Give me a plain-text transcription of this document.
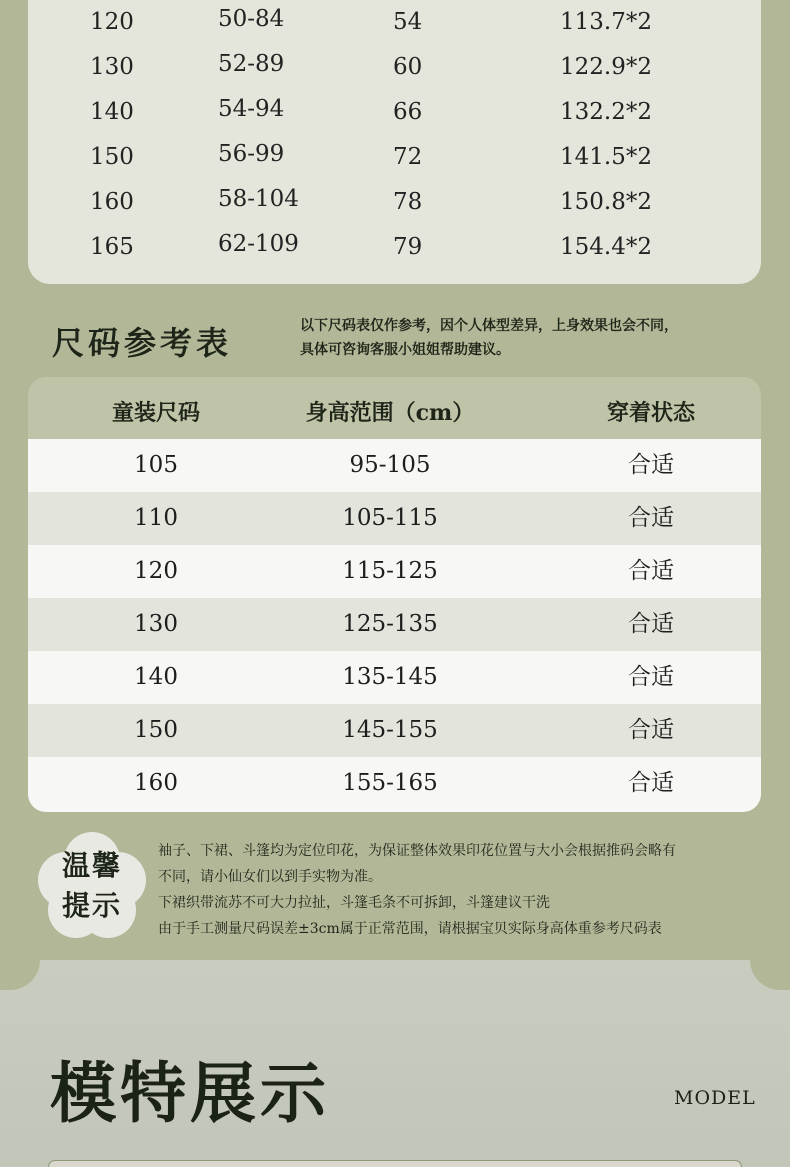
120	50-84	54	113.7*2
130	52-89	60	122.9*2
140	54-94	66	132.2*2
150	56-99	72	141.5*2
160	58-104	78	150.8*2
165	62-109	79	154.4*2
尺码参考表	以下尺码表仅作参考，因个人体型差异，上身效果也会不同，
具体可咨询客服小姐姐帮助建议。
童装尺码	身高范围（cm）	穿着状态
105	95-105	合适
110	105-115	合适
120	115-125	合适
130	125-135	合适
140	135-145	合适
150	145-155	合适
160	155-165	合适
温馨
提示
袖子、下裙、斗篷均为定位印花，为保证整体效果印花位置与大小会根据推码会略有
不同，请小仙女们以到手实物为准。
下裙织带流苏不可大力拉扯，斗篷毛条不可拆卸，斗篷建议干洗
由于手工测量尺码误差±3cm属于正常范围，请根据宝贝实际身高体重参考尺码表
模特展示	MODEL
